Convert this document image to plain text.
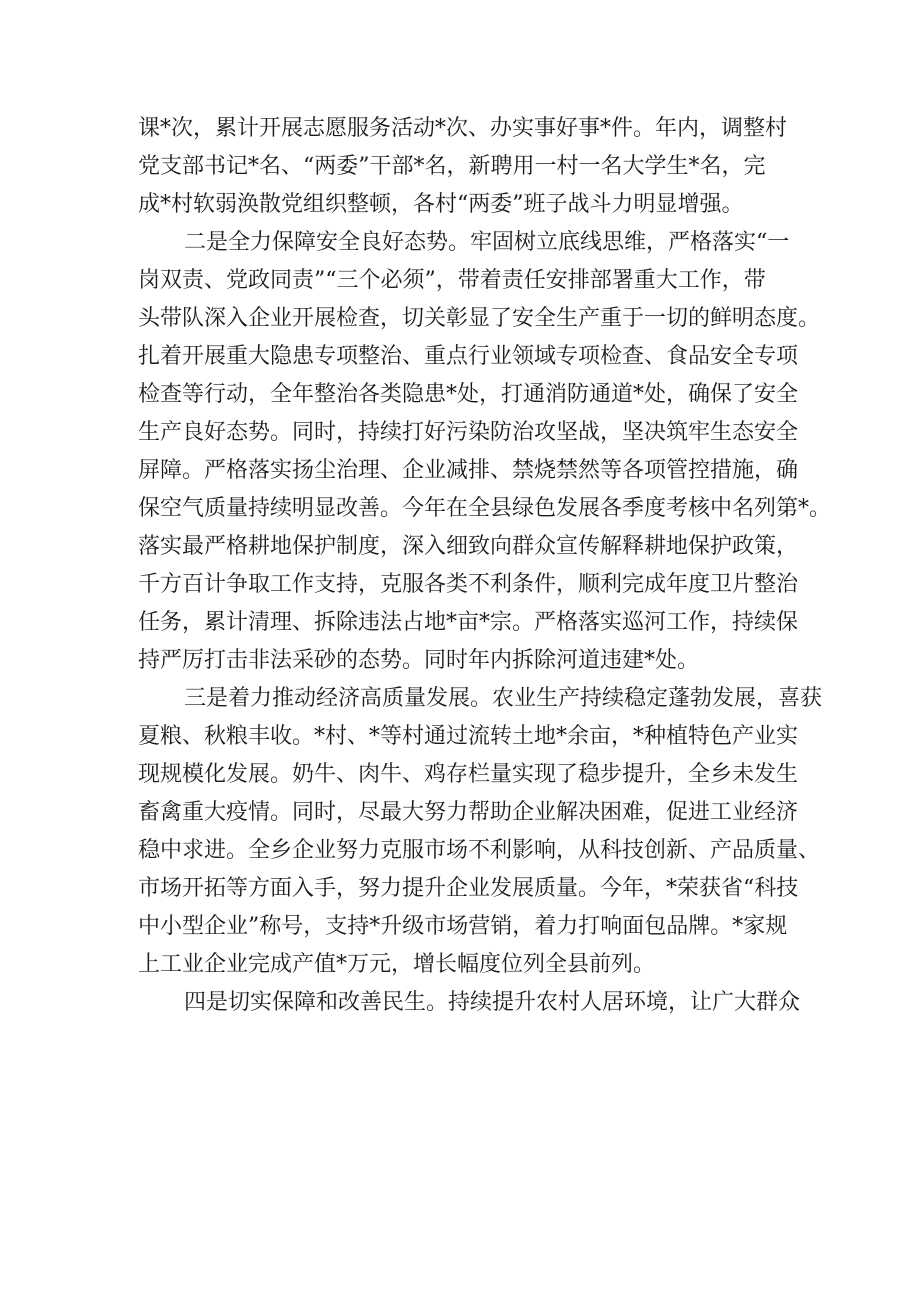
课*次，累计开展志愿服务活动*次、办实事好事*件。年内，调整村
党支部书记*名、“两委”干部*名，新聘用一村一名大学生*名，完
成*村软弱涣散党组织整顿，各村“两委”班子战斗力明显增强。
二是全力保障安全良好态势。牢固树立底线思维，严格落实“一
岗双责、党政同责”“三个必须”，带着责任安排部署重大工作，带
头带队深入企业开展检查，切关彰显了安全生产重于一切的鲜明态度。
扎着开展重大隐患专项整治、重点行业领域专项检查、食品安全专项
检查等行动，全年整治各类隐患*处，打通消防通道*处，确保了安全
生产良好态势。同时，持续打好污染防治攻坚战，坚决筑牢生态安全
屏障。严格落实扬尘治理、企业减排、禁烧禁然等各项管控措施，确
保空气质量持续明显改善。今年在全县绿色发展各季度考核中名列第*。
落实最严格耕地保护制度，深入细致向群众宣传解释耕地保护政策，
千方百计争取工作支持，克服各类不利条件，顺利完成年度卫片整治
任务，累计清理、拆除违法占地*亩*宗。严格落实巡河工作，持续保
持严厉打击非法采砂的态势。同时年内拆除河道违建*处。
三是着力推动经济高质量发展。农业生产持续稳定蓬勃发展，喜获
夏粮、秋粮丰收。*村、*等村通过流转土地*余亩，*种植特色产业实
现规模化发展。奶牛、肉牛、鸡存栏量实现了稳步提升，全乡未发生
畜禽重大疫情。同时，尽最大努力帮助企业解决困难，促进工业经济
稳中求进。全乡企业努力克服市场不利影响，从科技创新、产品质量、
市场开拓等方面入手，努力提升企业发展质量。今年，*荣获省“科技
中小型企业”称号，支持*升级市场营销，着力打响面包品牌。*家规
上工业企业完成产值*万元，增长幅度位列全县前列。
四是切实保障和改善民生。持续提升农村人居环境，让广大群众
